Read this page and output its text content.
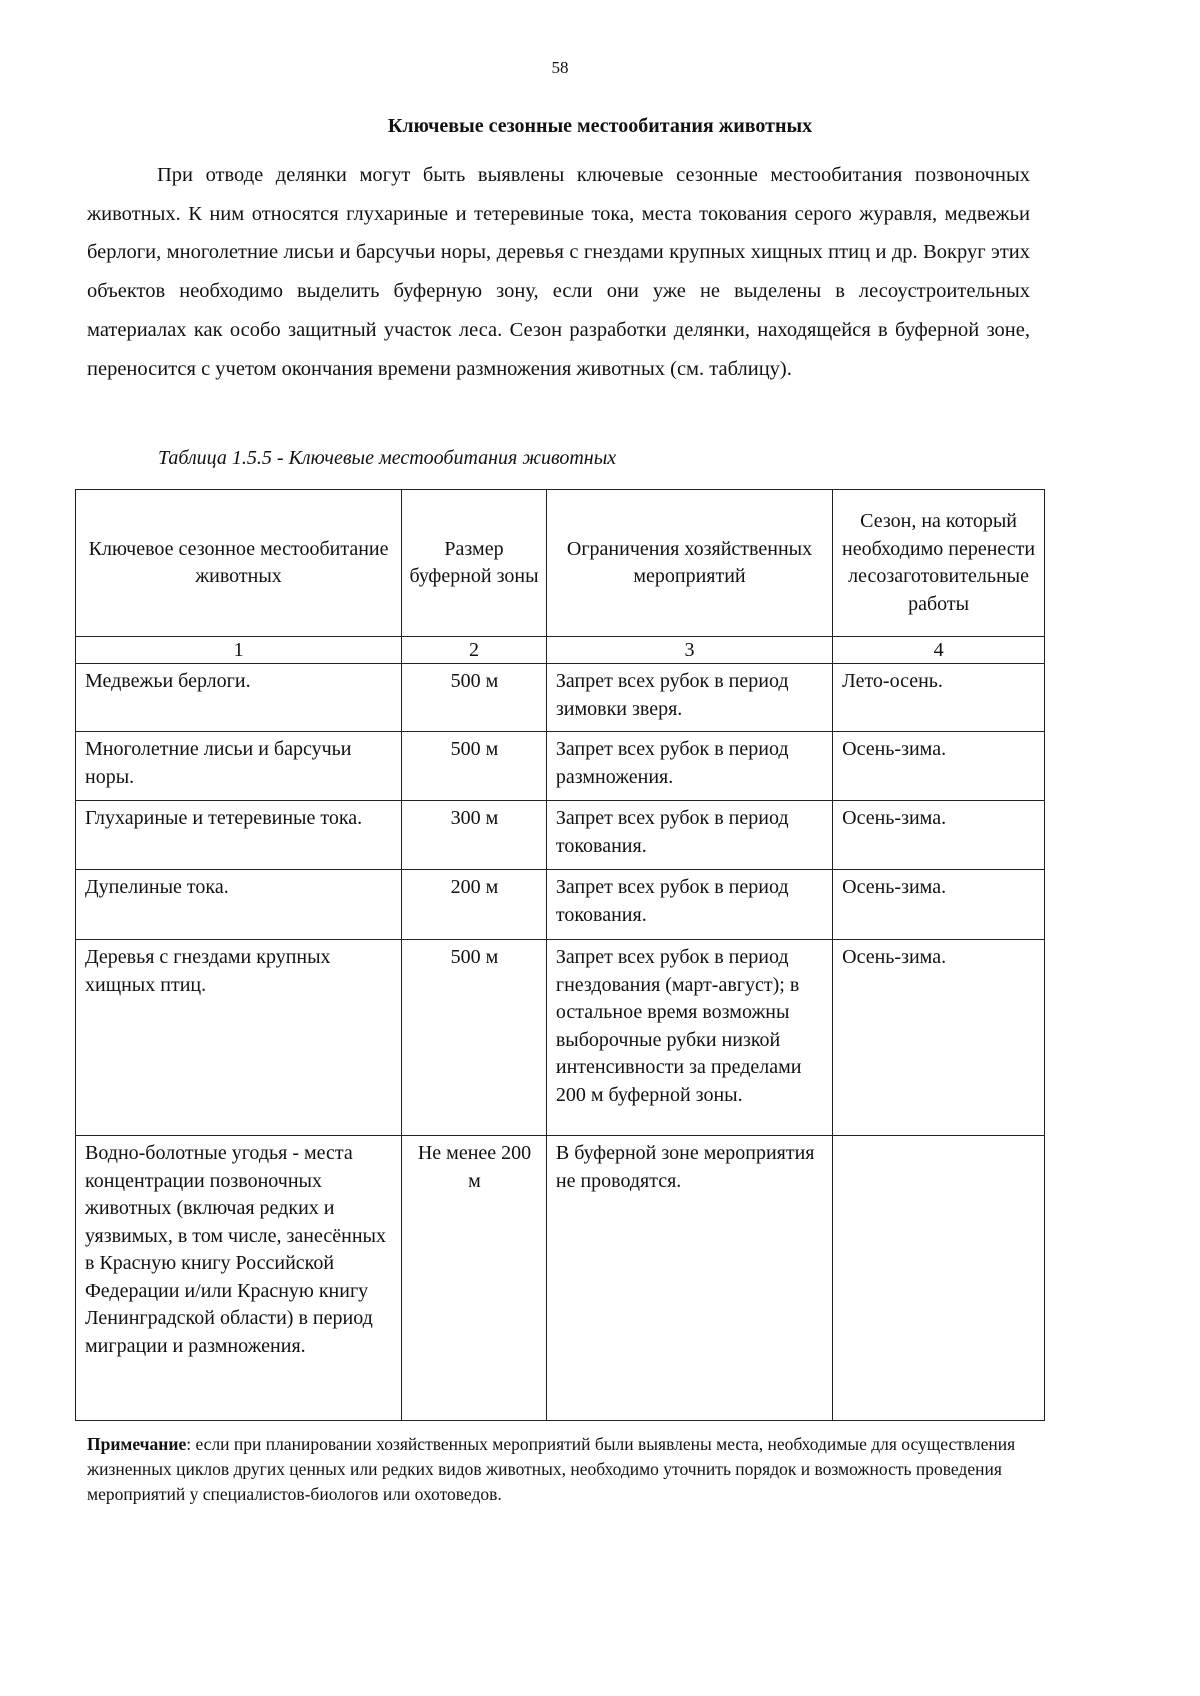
58
Ключевые сезонные местообитания животных

При отводе делянки могут быть выявлены ключевые сезонные местообитания позвоночных животных. К ним относятся глухариные и тетеревиные тока, места токования серого журавля, медвежьи берлоги, многолетние лисьи и барсучьи норы, деревья с гнездами крупных хищных птиц и др. Вокруг этих объектов необходимо выделить буферную зону, если они уже не выделены в лесоустроительных материалах как особо защитный участок леса. Сезон разработки делянки, находящейся в буферной зоне, переносится с учетом окончания времени размножения животных (см. таблицу).

Таблица 1.5.5 - Ключевые местообитания животных
Ключевое сезонное местообитание животных	Размер буферной зоны	Ограничения хозяйственных мероприятий	Сезон, на который необходимо перенести лесозаготовительные работы
1	2	3	4
Медвежьи берлоги.	500 м	Запрет всех рубок в период зимовки зверя.	Лето-осень.
Многолетние лисьи и барсучьи норы.	500 м	Запрет всех рубок в период размножения.	Осень-зима.
Глухариные и тетеревиные тока.	300 м	Запрет всех рубок в период токования.	Осень-зима.
Дупелиные тока.	200 м	Запрет всех рубок в период токования.	Осень-зима.
Деревья с гнездами крупных хищных птиц.	500 м	Запрет всех рубок в период гнездования (март-август); в остальное время возможны выборочные рубки низкой интенсивности за пределами 200 м буферной зоны.	Осень-зима.
Водно-болотные угодья - места концентрации позвоночных животных (включая редких и уязвимых, в том числе, занесённых в Красную книгу Российской Федерации и/или Красную книгу Ленинградской области) в период миграции и размножения.	Не менее 200 м	В буферной зоне мероприятия не проводятся.	

Примечание: если при планировании хозяйственных мероприятий были выявлены места, необходимые для осуществления жизненных циклов других ценных или редких видов животных, необходимо уточнить порядок и возможность проведения мероприятий у специалистов-биологов или охотоведов.
